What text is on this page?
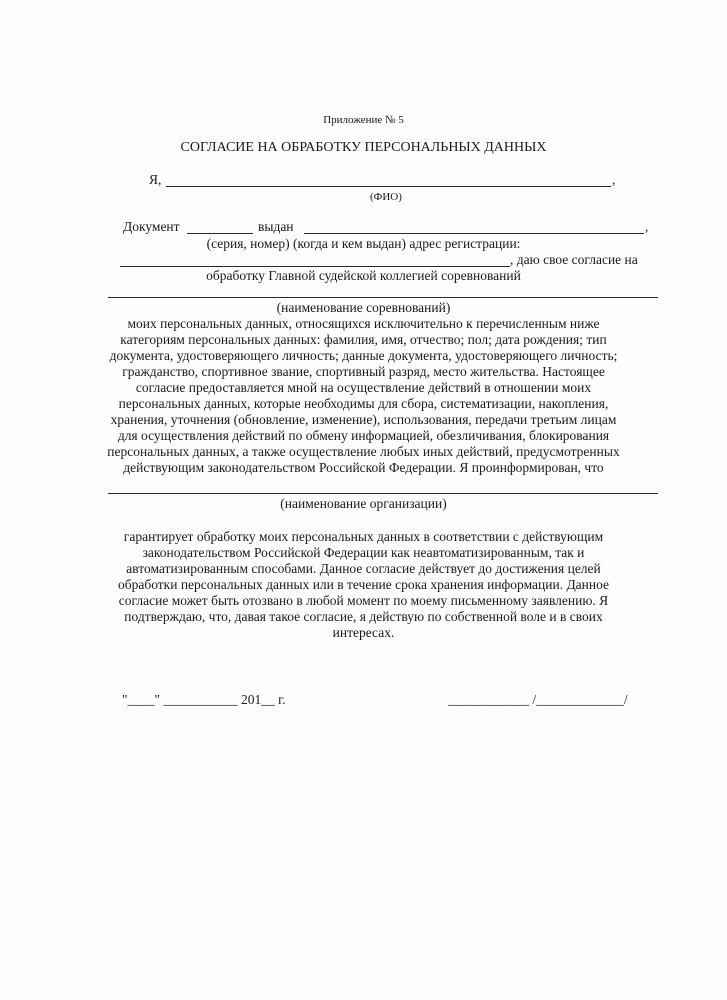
Приложение № 5
СОГЛАСИЕ НА ОБРАБОТКУ ПЕРСОНАЛЬНЫХ ДАННЫХ
Я,	,
(ФИО)
Документ	выдан	,
(серия, номер) (когда и кем выдан) адрес регистрации:
, даю свое согласие на
обработку Главной судейской коллегией соревнований
(наименование соревнований)
моих персональных данных, относящихся исключительно к перечисленным ниже
категориям персональных данных: фамилия, имя, отчество; пол; дата рождения; тип
документа, удостоверяющего личность; данные документа, удостоверяющего личность;
гражданство, спортивное звание, спортивный разряд, место жительства. Настоящее
согласие предоставляется мной на осуществление действий в отношении моих
персональных данных, которые необходимы для сбора, систематизации, накопления,
хранения, уточнения (обновление, изменение), использования, передачи третьим лицам
для осуществления действий по обмену информацией, обезличивания, блокирования
персональных данных, а также осуществление любых иных действий, предусмотренных
действующим законодательством Российской Федерации. Я проинформирован, что
(наименование организации)
гарантирует обработку моих персональных данных в соответствии с действующим
законодательством Российской Федерации как неавтоматизированным, так и
автоматизированным способами. Данное согласие действует до достижения целей
обработки персональных данных или в течение срока хранения информации. Данное
согласие может быть отозвано в любой момент по моему письменному заявлению. Я
подтверждаю, что, давая такое согласие, я действую по собственной воле и в своих
интересах.
"____" ___________ 201__ г.	____________ /_____________/
